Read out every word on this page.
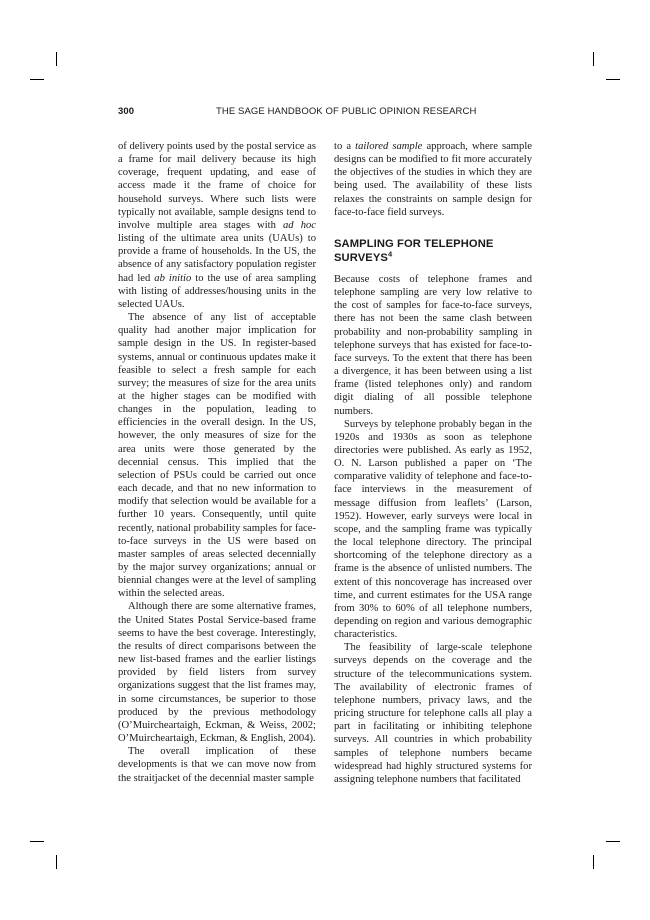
300	THE SAGE HANDBOOK OF PUBLIC OPINION RESEARCH

of delivery points used by the postal service as a frame for mail delivery because its high coverage, frequent updating, and ease of access made it the frame of choice for household surveys. Where such lists were typically not available, sample designs tend to involve multiple area stages with ad hoc listing of the ultimate area units (UAUs) to provide a frame of households. In the US, the absence of any satisfactory population register had led ab initio to the use of area sampling with listing of addresses/housing units in the selected UAUs.

The absence of any list of acceptable quality had another major implication for sample design in the US. In register-based systems, annual or continuous updates make it feasible to select a fresh sample for each survey; the measures of size for the area units at the higher stages can be modified with changes in the population, leading to efficiencies in the overall design. In the US, however, the only measures of size for the area units were those generated by the decennial census. This implied that the selection of PSUs could be carried out once each decade, and that no new information to modify that selection would be available for a further 10 years. Consequently, until quite recently, national probability samples for face-to-face surveys in the US were based on master samples of areas selected decennially by the major survey organizations; annual or biennial changes were at the level of sampling within the selected areas.

Although there are some alternative frames, the United States Postal Service-based frame seems to have the best coverage. Interestingly, the results of direct comparisons between the new list-based frames and the earlier listings provided by field listers from survey organizations suggest that the list frames may, in some circumstances, be superior to those produced by the previous methodology (O’Muircheartaigh, Eckman, & Weiss, 2002; O’Muircheartaigh, Eckman, & English, 2004).

The overall implication of these developments is that we can move now from the straitjacket of the decennial master sample

to a tailored sample approach, where sample designs can be modified to fit more accurately the objectives of the studies in which they are being used. The availability of these lists relaxes the constraints on sample design for face-to-face field surveys.

SAMPLING FOR TELEPHONE
SURVEYS$^4$

Because costs of telephone frames and telephone sampling are very low relative to the cost of samples for face-to-face surveys, there has not been the same clash between probability and non-probability sampling in telephone surveys that has existed for face-to-face surveys. To the extent that there has been a divergence, it has been between using a list frame (listed telephones only) and random digit dialing of all possible telephone numbers.

Surveys by telephone probably began in the 1920s and 1930s as soon as telephone directories were published. As early as 1952, O. N. Larson published a paper on ‘The comparative validity of telephone and face-to-face interviews in the measurement of message diffusion from leaflets’ (Larson, 1952). However, early surveys were local in scope, and the sampling frame was typically the local telephone directory. The principal shortcoming of the telephone directory as a frame is the absence of unlisted numbers. The extent of this noncoverage has increased over time, and current estimates for the USA range from 30% to 60% of all telephone numbers, depending on region and various demographic characteristics.

The feasibility of large-scale telephone surveys depends on the coverage and the structure of the telecommunications system. The availability of electronic frames of telephone numbers, privacy laws, and the pricing structure for telephone calls all play a part in facilitating or inhibiting telephone surveys. All countries in which probability samples of telephone numbers became widespread had highly structured systems for assigning telephone numbers that facilitated
